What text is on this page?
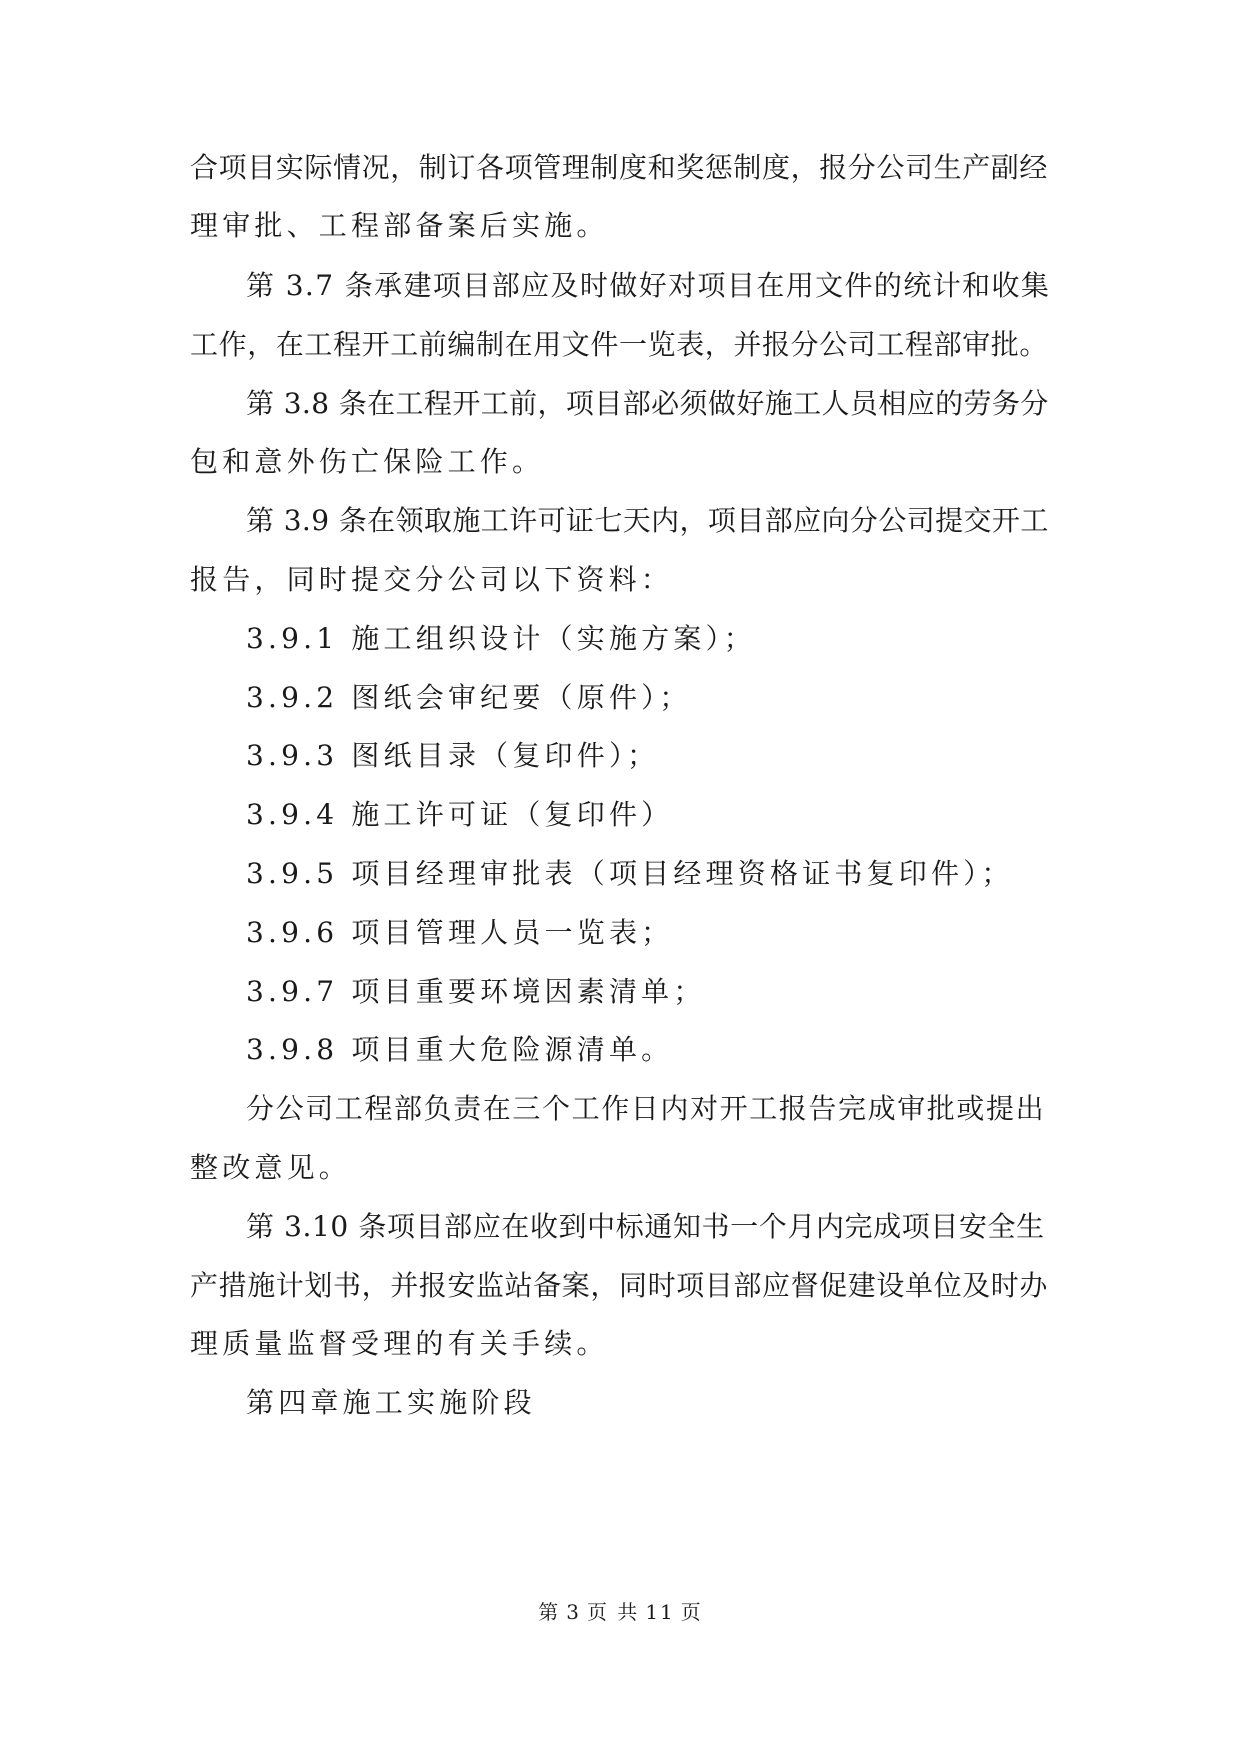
合项目实际情况，制订各项管理制度和奖惩制度，报分公司生产副经
理审批、工程部备案后实施。
第 3.7 条承建项目部应及时做好对项目在用文件的统计和收集
工作，在工程开工前编制在用文件一览表，并报分公司工程部审批。
第 3.8 条在工程开工前，项目部必须做好施工人员相应的劳务分
包和意外伤亡保险工作。
第 3.9 条在领取施工许可证七天内，项目部应向分公司提交开工
报告，同时提交分公司以下资料：
3.9.1 施工组织设计（实施方案）；
3.9.2 图纸会审纪要（原件）；
3.9.3 图纸目录（复印件）；
3.9.4 施工许可证（复印件）
3.9.5 项目经理审批表（项目经理资格证书复印件）；
3.9.6 项目管理人员一览表；
3.9.7 项目重要环境因素清单；
3.9.8 项目重大危险源清单。
分公司工程部负责在三个工作日内对开工报告完成审批或提出
整改意见。
第 3.10 条项目部应在收到中标通知书一个月内完成项目安全生
产措施计划书，并报安监站备案，同时项目部应督促建设单位及时办
理质量监督受理的有关手续。
第四章施工实施阶段
第 3 页 共 11 页
